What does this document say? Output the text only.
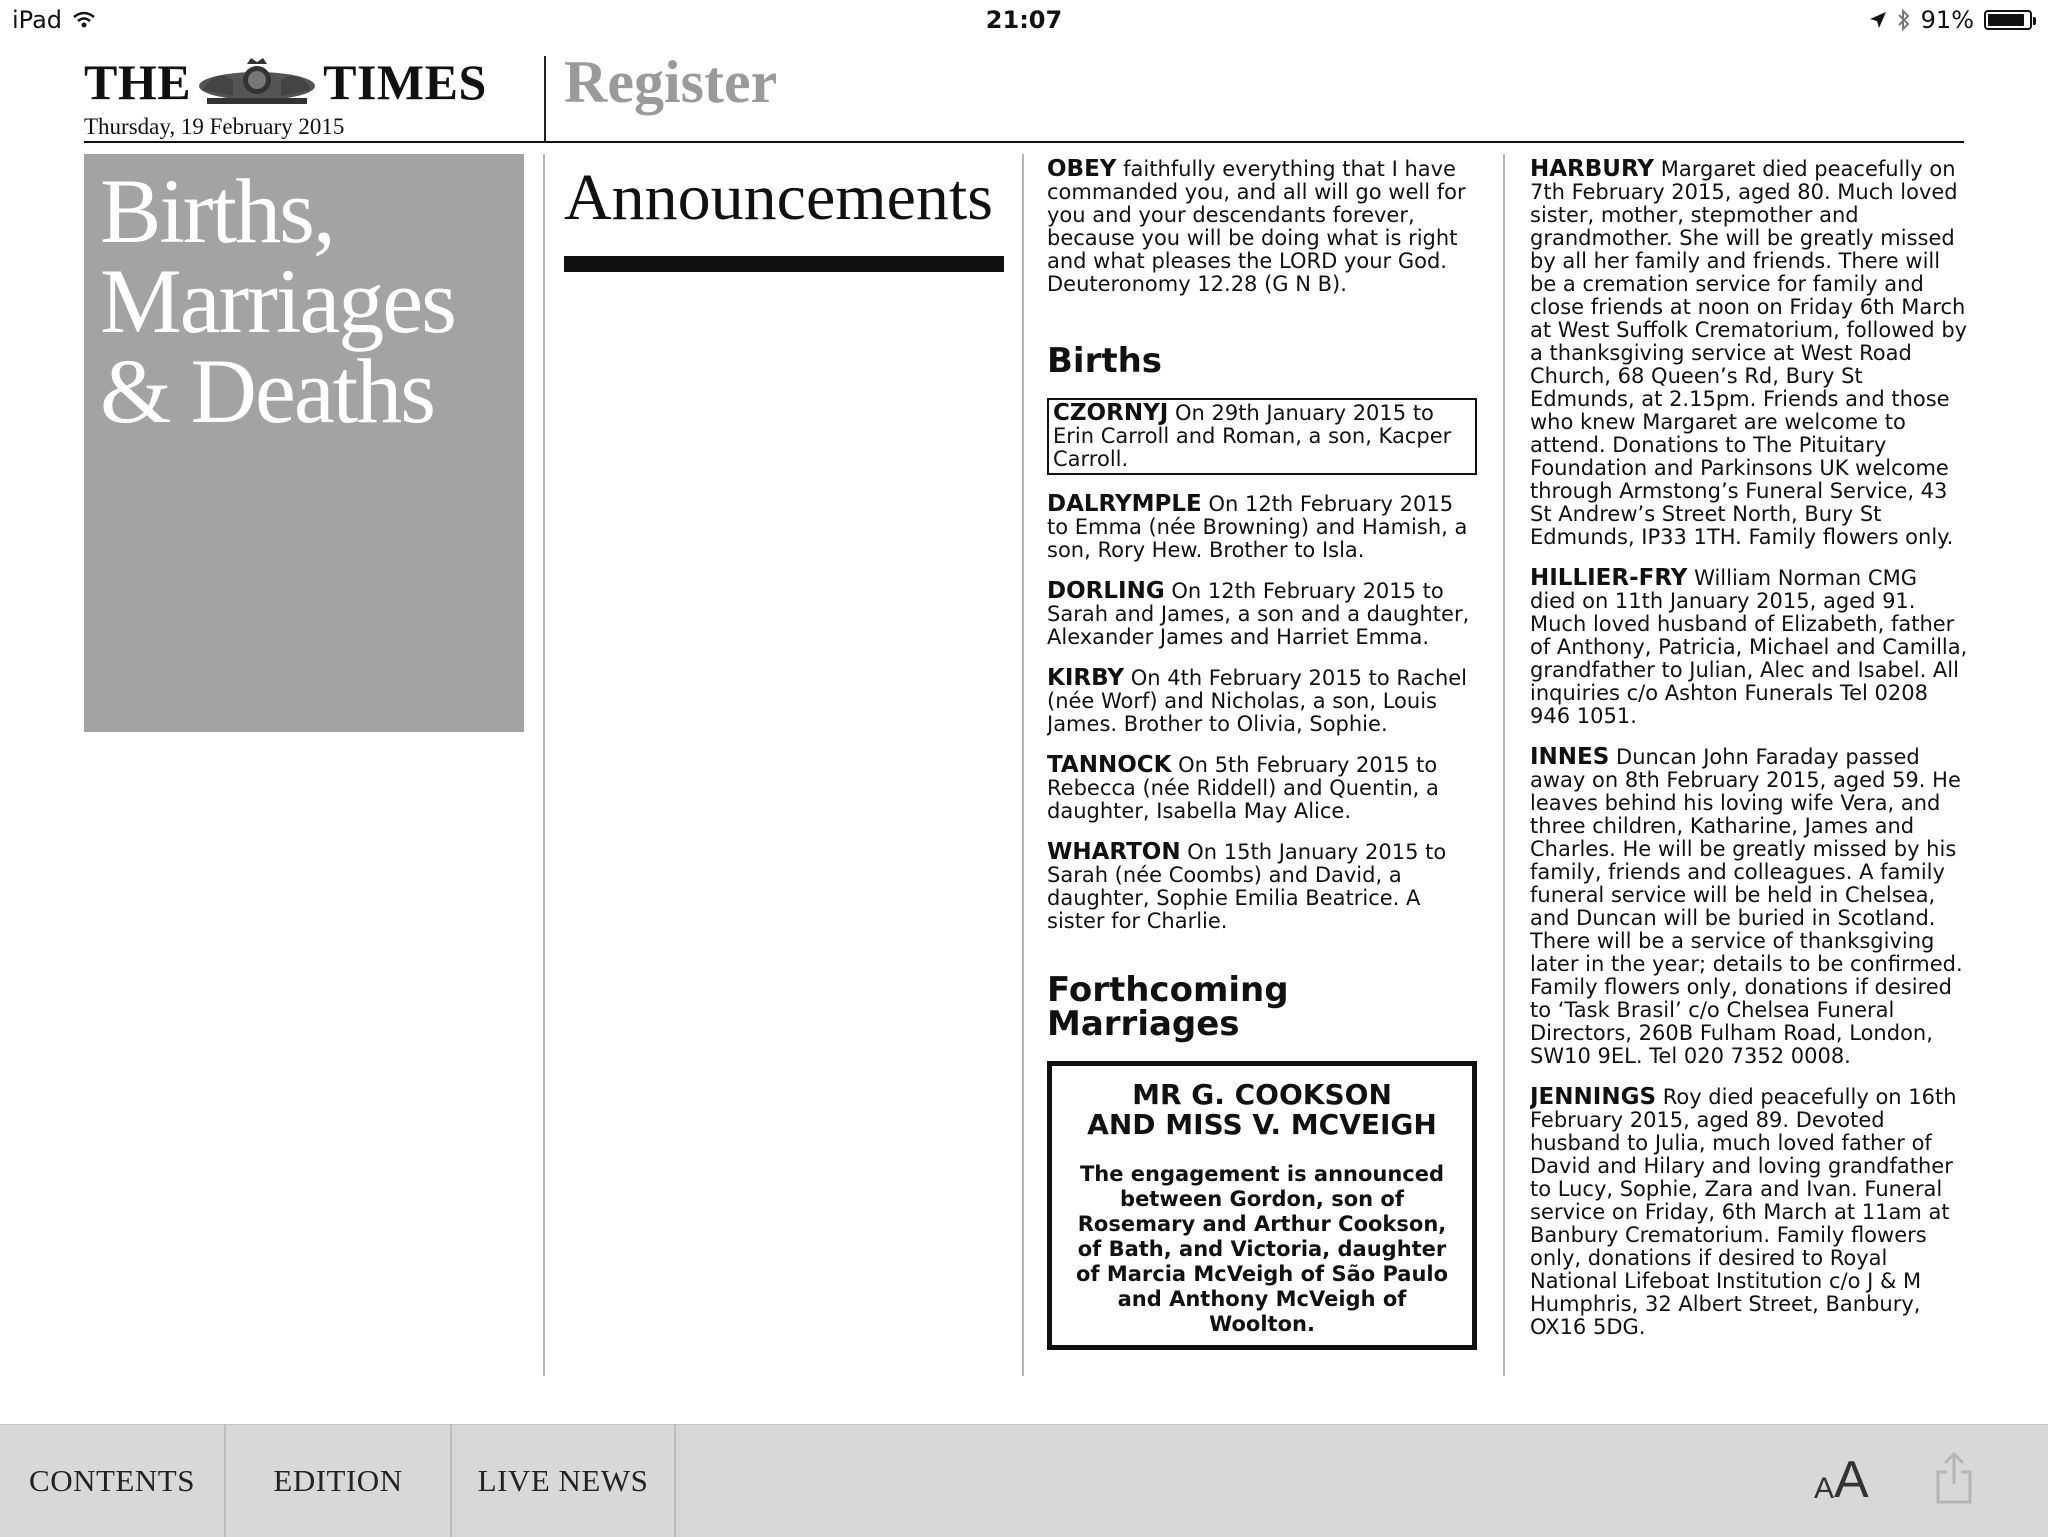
iPad	21:07	91%
THE	TIMES
Thursday, 19 February 2015
Register
Births,
Marriages
& Deaths
Announcements OBEY faithfully everything that I have commanded you, and all will go well for you and your descendants forever, because you will be doing what is right and what pleases the LORD your God. Deuteronomy 12.28 (G N B).
Births
CZORNYJ On 29th January 2015 to Erin Carroll and Roman, a son, Kacper Carroll.
DALRYMPLE On 12th February 2015 to Emma (née Browning) and Hamish, a son, Rory Hew. Brother to Isla.
DORLING On 12th February 2015 to Sarah and James, a son and a daughter, Alexander James and Harriet Emma.
KIRBY On 4th February 2015 to Rachel (née Worf) and Nicholas, a son, Louis James. Brother to Olivia, Sophie.
TANNOCK On 5th February 2015 to Rebecca (née Riddell) and Quentin, a daughter, Isabella May Alice.
WHARTON On 15th January 2015 to Sarah (née Coombs) and David, a daughter, Sophie Emilia Beatrice. A sister for Charlie.
Forthcoming
Marriages
MR G. COOKSON
AND MISS V. MCVEIGH
The engagement is announced between Gordon, son of Rosemary and Arthur Cookson, of Bath, and Victoria, daughter of Marcia McVeigh of São Paulo and Anthony McVeigh of Woolton.
HARBURY Margaret died peacefully on 7th February 2015, aged 80. Much loved sister, mother, stepmother and grandmother. She will be greatly missed by all her family and friends. There will be a cremation service for family and close friends at noon on Friday 6th March at West Suffolk Crematorium, followed by a thanksgiving service at West Road Church, 68 Queen’s Rd, Bury St Edmunds, at 2.15pm. Friends and those who knew Margaret are welcome to attend. Donations to The Pituitary Foundation and Parkinsons UK welcome through Armstong’s Funeral Service, 43 St Andrew’s Street North, Bury St Edmunds, IP33 1TH. Family flowers only.
HILLIER-FRY William Norman CMG died on 11th January 2015, aged 91. Much loved husband of Elizabeth, father of Anthony, Patricia, Michael and Camilla, grandfather to Julian, Alec and Isabel. All inquiries c/o Ashton Funerals Tel 0208 946 1051.
INNES Duncan John Faraday passed away on 8th February 2015, aged 59. He leaves behind his loving wife Vera, and three children, Katharine, James and Charles. He will be greatly missed by his family, friends and colleagues. A family funeral service will be held in Chelsea, and Duncan will be buried in Scotland. There will be a service of thanksgiving later in the year; details to be confirmed. Family flowers only, donations if desired to ‘Task Brasil’ c/o Chelsea Funeral Directors, 260B Fulham Road, London, SW10 9EL. Tel 020 7352 0008.
JENNINGS Roy died peacefully on 16th February 2015, aged 89. Devoted husband to Julia, much loved father of David and Hilary and loving grandfather to Lucy, Sophie, Zara and Ivan. Funeral service on Friday, 6th March at 11am at Banbury Crematorium. Family flowers only, donations if desired to Royal National Lifeboat Institution c/o J & M Humphris, 32 Albert Street, Banbury, OX16 5DG.
CONTENTS	EDITION	LIVE NEWS	A A
